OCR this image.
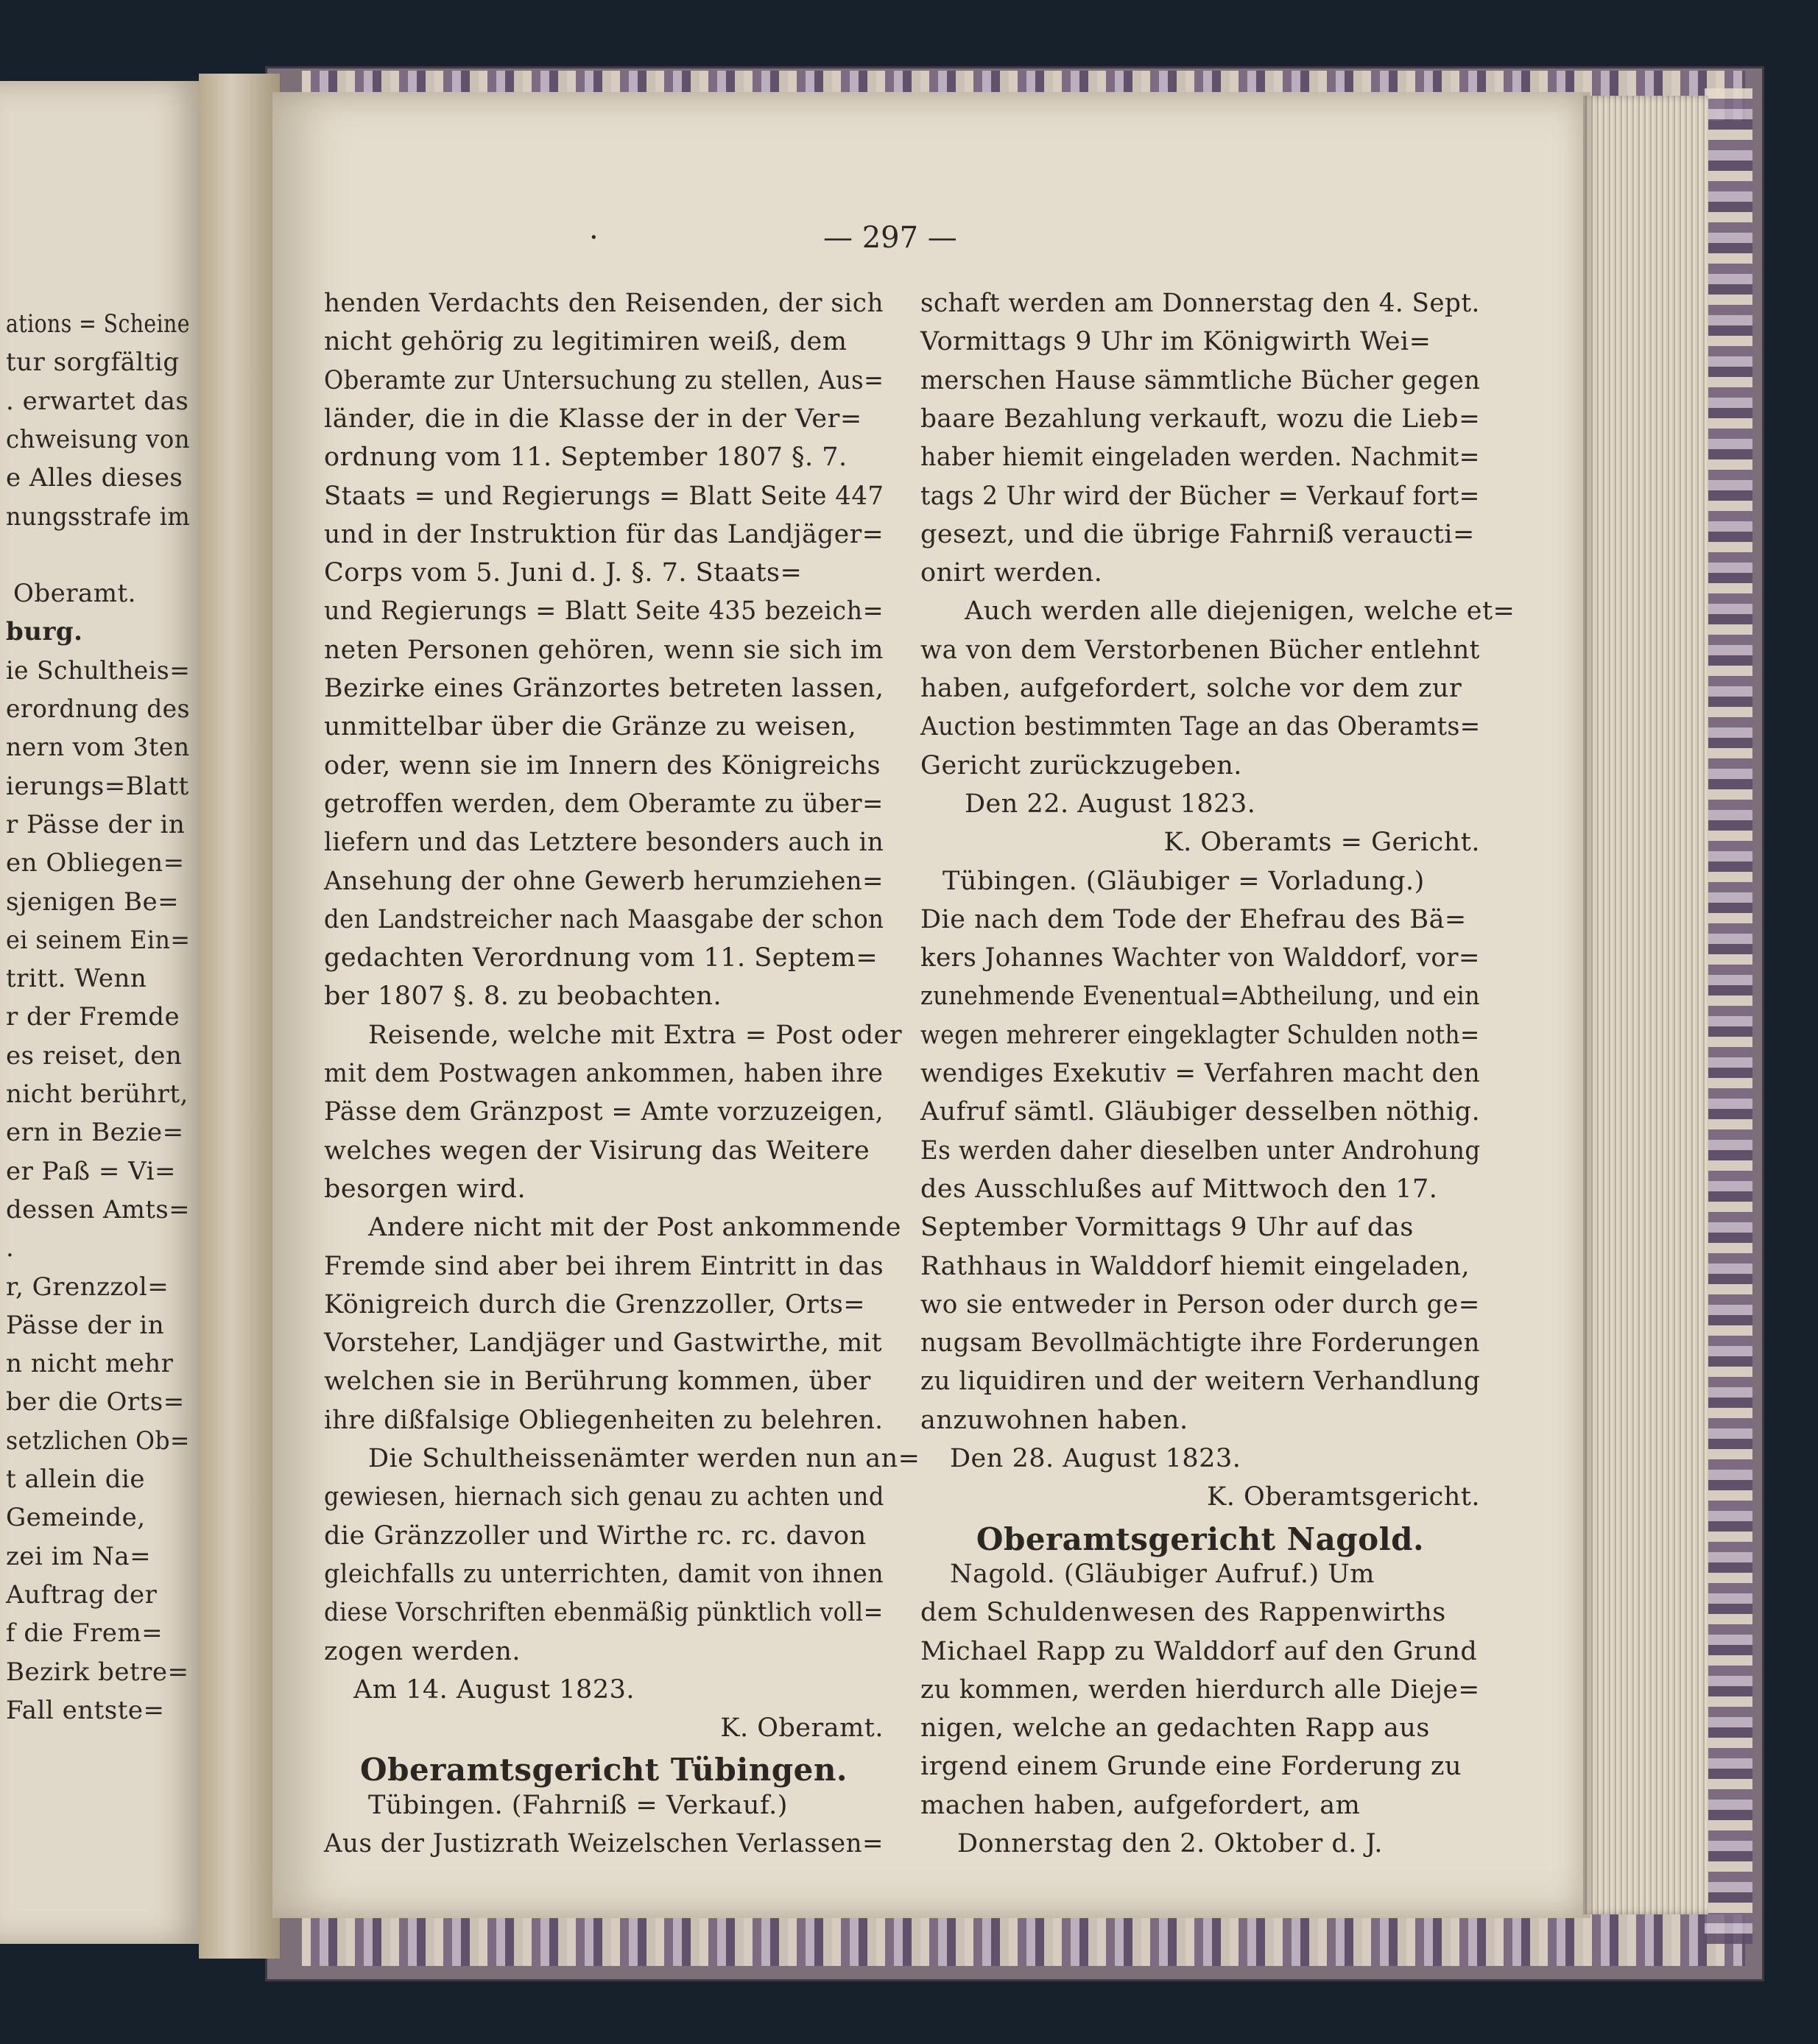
·	— 297 —
ations = Scheine
tur sorgfältig
. erwartet das
chweisung von
e Alles dieses
nungsstrafe im
Oberamt.
burg.
ie Schultheis=
erordnung des
nern vom 3ten
ierungs=Blatt
r Pässe der in
en Obliegen=
sjenigen Be=
ei seinem Ein=
tritt. Wenn
r der Fremde
es reiset, den
nicht berührt,
ern in Bezie=
er Paß = Vi=
dessen Amts=
.
r, Grenzzol=
Pässe der in
n nicht mehr
ber die Orts=
setzlichen Ob=
t allein die
Gemeinde,
zei im Na=
Auftrag der
f die Frem=
Bezirk betre=
Fall entste=
henden Verdachts den Reisenden, der sich
nicht gehörig zu legitimiren weiß, dem
Oberamte zur Untersuchung zu stellen, Aus=
länder, die in die Klasse der in der Ver=
ordnung vom 11. September 1807 §. 7.
Staats = und Regierungs = Blatt Seite 447
und in der Instruktion für das Landjäger=
Corps vom 5. Juni d. J. §. 7. Staats=
und Regierungs = Blatt Seite 435 bezeich=
neten Personen gehören, wenn sie sich im
Bezirke eines Gränzortes betreten lassen,
unmittelbar über die Gränze zu weisen,
oder, wenn sie im Innern des Königreichs
getroffen werden, dem Oberamte zu über=
liefern und das Letztere besonders auch in
Ansehung der ohne Gewerb herumziehen=
den Landstreicher nach Maasgabe der schon
gedachten Verordnung vom 11. Septem=
ber 1807 §. 8. zu beobachten.
Reisende, welche mit Extra = Post oder
mit dem Postwagen ankommen, haben ihre
Pässe dem Gränzpost = Amte vorzuzeigen,
welches wegen der Visirung das Weitere
besorgen wird.
Andere nicht mit der Post ankommende
Fremde sind aber bei ihrem Eintritt in das
Königreich durch die Grenzzoller, Orts=
Vorsteher, Landjäger und Gastwirthe, mit
welchen sie in Berührung kommen, über
ihre dißfalsige Obliegenheiten zu belehren.
Die Schultheissenämter werden nun an=
gewiesen, hiernach sich genau zu achten und
die Gränzzoller und Wirthe rc. rc. davon
gleichfalls zu unterrichten, damit von ihnen
diese Vorschriften ebenmäßig pünktlich voll=
zogen werden.
Am 14. August 1823.
K. Oberamt.
Oberamtsgericht Tübingen.
Tübingen. (Fahrniß = Verkauf.)
Aus der Justizrath Weizelschen Verlassen=
schaft werden am Donnerstag den 4. Sept.
Vormittags 9 Uhr im Königwirth Wei=
merschen Hause sämmtliche Bücher gegen
baare Bezahlung verkauft, wozu die Lieb=
haber hiemit eingeladen werden. Nachmit=
tags 2 Uhr wird der Bücher = Verkauf fort=
gesezt, und die übrige Fahrniß veraucti=
onirt werden.
Auch werden alle diejenigen, welche et=
wa von dem Verstorbenen Bücher entlehnt
haben, aufgefordert, solche vor dem zur
Auction bestimmten Tage an das Oberamts=
Gericht zurückzugeben.
Den 22. August 1823.
K. Oberamts = Gericht.
Tübingen. (Gläubiger = Vorladung.)
Die nach dem Tode der Ehefrau des Bä=
kers Johannes Wachter von Walddorf, vor=
zunehmende Evenentual=Abtheilung, und ein
wegen mehrerer eingeklagter Schulden noth=
wendiges Exekutiv = Verfahren macht den
Aufruf sämtl. Gläubiger desselben nöthig.
Es werden daher dieselben unter Androhung
des Ausschlußes auf Mittwoch den 17.
September Vormittags 9 Uhr auf das
Rathhaus in Walddorf hiemit eingeladen,
wo sie entweder in Person oder durch ge=
nugsam Bevollmächtigte ihre Forderungen
zu liquidiren und der weitern Verhandlung
anzuwohnen haben.
Den 28. August 1823.
K. Oberamtsgericht.
Oberamtsgericht Nagold.
Nagold. (Gläubiger Aufruf.) Um
dem Schuldenwesen des Rappenwirths
Michael Rapp zu Walddorf auf den Grund
zu kommen, werden hierdurch alle Dieje=
nigen, welche an gedachten Rapp aus
irgend einem Grunde eine Forderung zu
machen haben, aufgefordert, am
Donnerstag den 2. Oktober d. J.
